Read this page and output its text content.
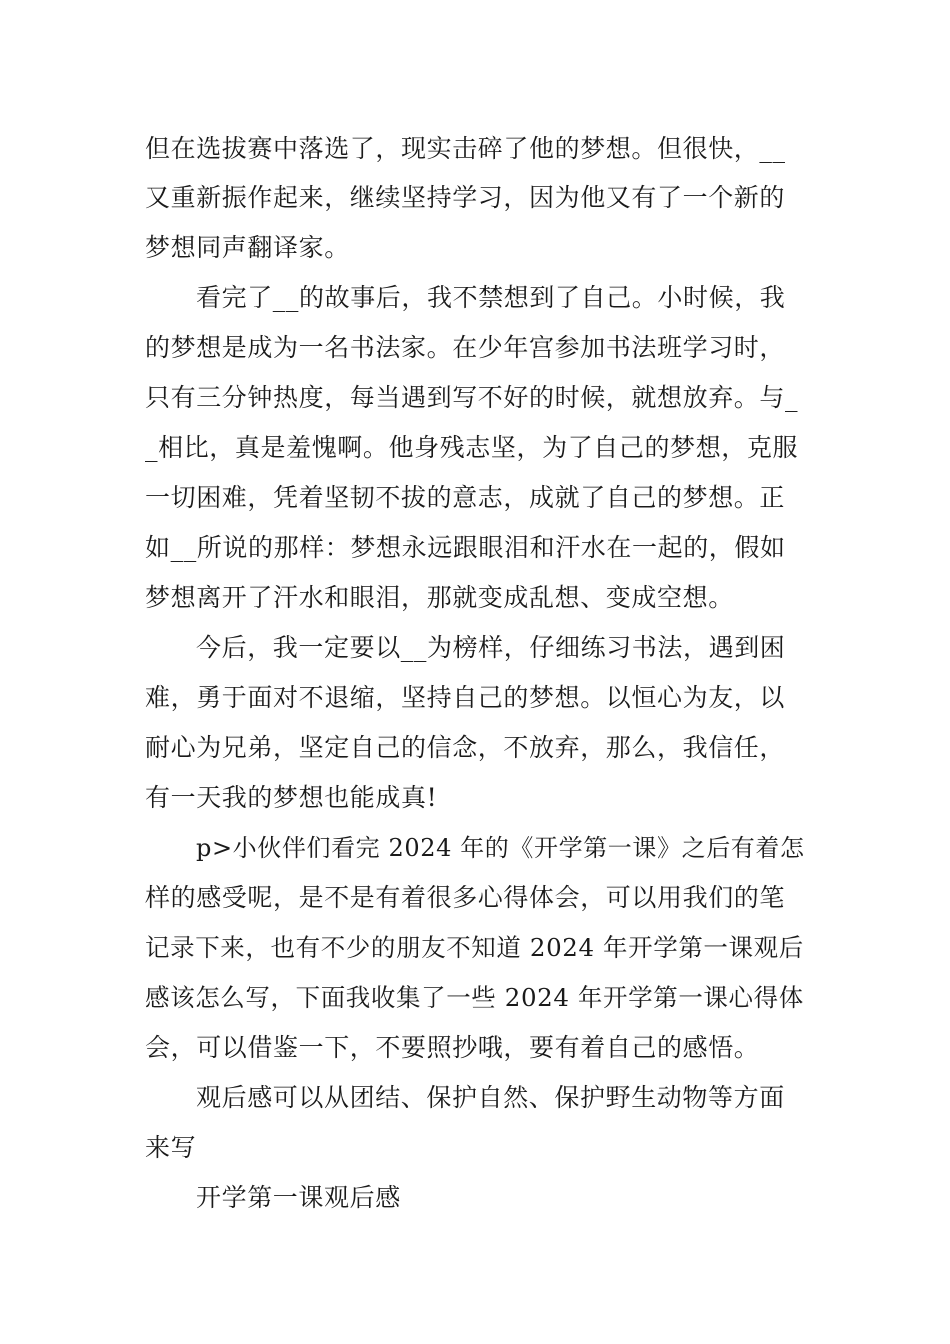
但在选拔赛中落选了，现实击碎了他的梦想。但很快，__
又重新振作起来，继续坚持学习，因为他又有了一个新的
梦想同声翻译家。
看完了__的故事后，我不禁想到了自己。小时候，我
的梦想是成为一名书法家。在少年宫参加书法班学习时，
只有三分钟热度，每当遇到写不好的时候，就想放弃。与_
_相比，真是羞愧啊。他身残志坚，为了自己的梦想，克服
一切困难，凭着坚韧不拔的意志，成就了自己的梦想。正
如__所说的那样：梦想永远跟眼泪和汗水在一起的，假如
梦想离开了汗水和眼泪，那就变成乱想、变成空想。
今后，我一定要以__为榜样，仔细练习书法，遇到困
难，勇于面对不退缩，坚持自己的梦想。以恒心为友，以
耐心为兄弟，坚定自己的信念，不放弃，那么，我信任，
有一天我的梦想也能成真!
p>小伙伴们看完 2024 年的《开学第一课》之后有着怎
样的感受呢，是不是有着很多心得体会，可以用我们的笔
记录下来，也有不少的朋友不知道 2024 年开学第一课观后
感该怎么写，下面我收集了一些 2024 年开学第一课心得体
会，可以借鉴一下，不要照抄哦，要有着自己的感悟。
观后感可以从团结、保护自然、保护野生动物等方面
来写
开学第一课观后感
